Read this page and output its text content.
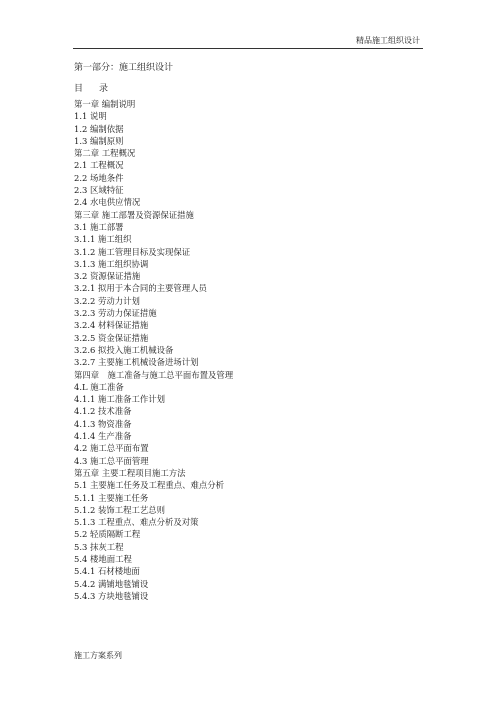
精品施工组织设计
第一部分：施工组织设计
目 录
第一章 编制说明
1.1 说明
1.2 编制依据
1.3 编制原则
第二章 工程概况
2.1 工程概况
2.2 场地条件
2.3 区域特征
2.4 水电供应情况
第三章 施工部署及资源保证措施
3.1 施工部署
3.1.1 施工组织
3.1.2 施工管理目标及实现保证
3.1.3 施工组织协调
3.2 资源保证措施
3.2.1 拟用于本合同的主要管理人员
3.2.2 劳动力计划
3.2.3 劳动力保证措施
3.2.4 材料保证措施
3.2.5 资金保证措施
3.2.6 拟投入施工机械设备
3.2.7 主要施工机械设备进场计划
第四章　施工准备与施工总平面布置及管理
4.L 施工准备
4.1.1 施工准备工作计划
4.1.2 技术准备
4.1.3 物资准备
4.1.4 生产准备
4.2 施工总平面布置
4.3 施工总平面管理
第五章 主要工程项目施工方法
5.1 主要施工任务及工程重点、难点分析
5.1.1 主要施工任务
5.1.2 装饰工程工艺总则
5.1.3 工程重点、难点分析及对策
5.2 轻质隔断工程
5.3 抹灰工程
5.4 楼地面工程
5.4.1 石材楼地面
5.4.2 满铺地毯铺设
5.4.3 方块地毯铺设
施工方案系列
